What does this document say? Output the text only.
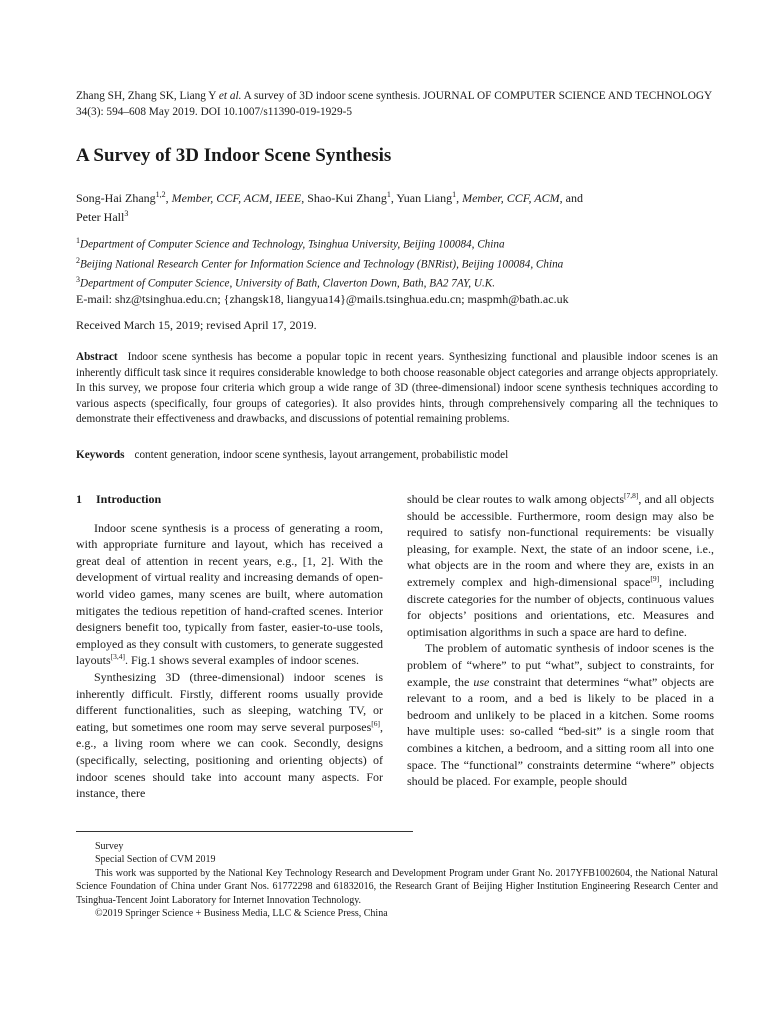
Zhang SH, Zhang SK, Liang Y et al. A survey of 3D indoor scene synthesis. JOURNAL OF COMPUTER SCIENCE AND TECHNOLOGY 34(3): 594–608 May 2019. DOI 10.1007/s11390-019-1929-5
A Survey of 3D Indoor Scene Synthesis
Song-Hai Zhang$^{1,2}$, Member, CCF, ACM, IEEE, Shao-Kui Zhang$^1$, Yuan Liang$^1$, Member, CCF, ACM, and
Peter Hall$^3$
$^1$Department of Computer Science and Technology, Tsinghua University, Beijing 100084, China
$^2$Beijing National Research Center for Information Science and Technology (BNRist), Beijing 100084, China
$^3$Department of Computer Science, University of Bath, Claverton Down, Bath, BA2 7AY, U.K.
E-mail: shz@tsinghua.edu.cn; {zhangsk18, liangyua14}@mails.tsinghua.edu.cn; maspmh@bath.ac.uk
Received March 15, 2019; revised April 17, 2019.
Abstract Indoor scene synthesis has become a popular topic in recent years. Synthesizing functional and plausible indoor scenes is an inherently difficult task since it requires considerable knowledge to both choose reasonable object categories and arrange objects appropriately. In this survey, we propose four criteria which group a wide range of 3D (three-dimensional) indoor scene synthesis techniques according to various aspects (specifically, four groups of categories). It also provides hints, through comprehensively comparing all the techniques to demonstrate their effectiveness and drawbacks, and discussions of potential remaining problems.
Keywords content generation, indoor scene synthesis, layout arrangement, probabilistic model
1 Introduction

Indoor scene synthesis is a process of generating a room, with appropriate furniture and layout, which has received a great deal of attention in recent years, e.g., [1, 2]. With the development of virtual reality and increasing demands of open-world video games, many scenes are built, where automation mitigates the tedious repetition of hand-crafted scenes. Interior designers benefit too, typically from faster, easier-to-use tools, employed as they consult with customers, to generate suggested layouts[3,4]. Fig.1 shows several examples of indoor scenes.

Synthesizing 3D (three-dimensional) indoor scenes is inherently difficult. Firstly, different rooms usually provide different functionalities, such as sleeping, watching TV, or eating, but sometimes one room may serve several purposes[6], e.g., a living room where we can cook. Secondly, designs (specifically, selecting, positioning and orienting objects) of indoor scenes should take into account many aspects. For instance, there

should be clear routes to walk among objects[7,8], and all objects should be accessible. Furthermore, room design may also be required to satisfy non-functional requirements: be visually pleasing, for example. Next, the state of an indoor scene, i.e., what objects are in the room and where they are, exists in an extremely complex and high-dimensional space[9], including discrete categories for the number of objects, continuous values for objects’ positions and orientations, etc. Measures and optimisation algorithms in such a space are hard to define.

The problem of automatic synthesis of indoor scenes is the problem of “where” to put “what”, subject to constraints, for example, the use constraint that determines “what” objects are relevant to a room, and a bed is likely to be placed in a bedroom and unlikely to be placed in a kitchen. Some rooms have multiple uses: so-called “bed-sit” is a single room that combines a kitchen, a bedroom, and a sitting room all into one space. The “functional” constraints determine “where” objects should be placed. For example, people should

Survey
Special Section of CVM 2019
This work was supported by the National Key Technology Research and Development Program under Grant No. 2017YFB1002604, the National Natural Science Foundation of China under Grant Nos. 61772298 and 61832016, the Research Grant of Beijing Higher Institution Engineering Research Center and Tsinghua-Tencent Joint Laboratory for Internet Innovation Technology.
©2019 Springer Science + Business Media, LLC & Science Press, China
